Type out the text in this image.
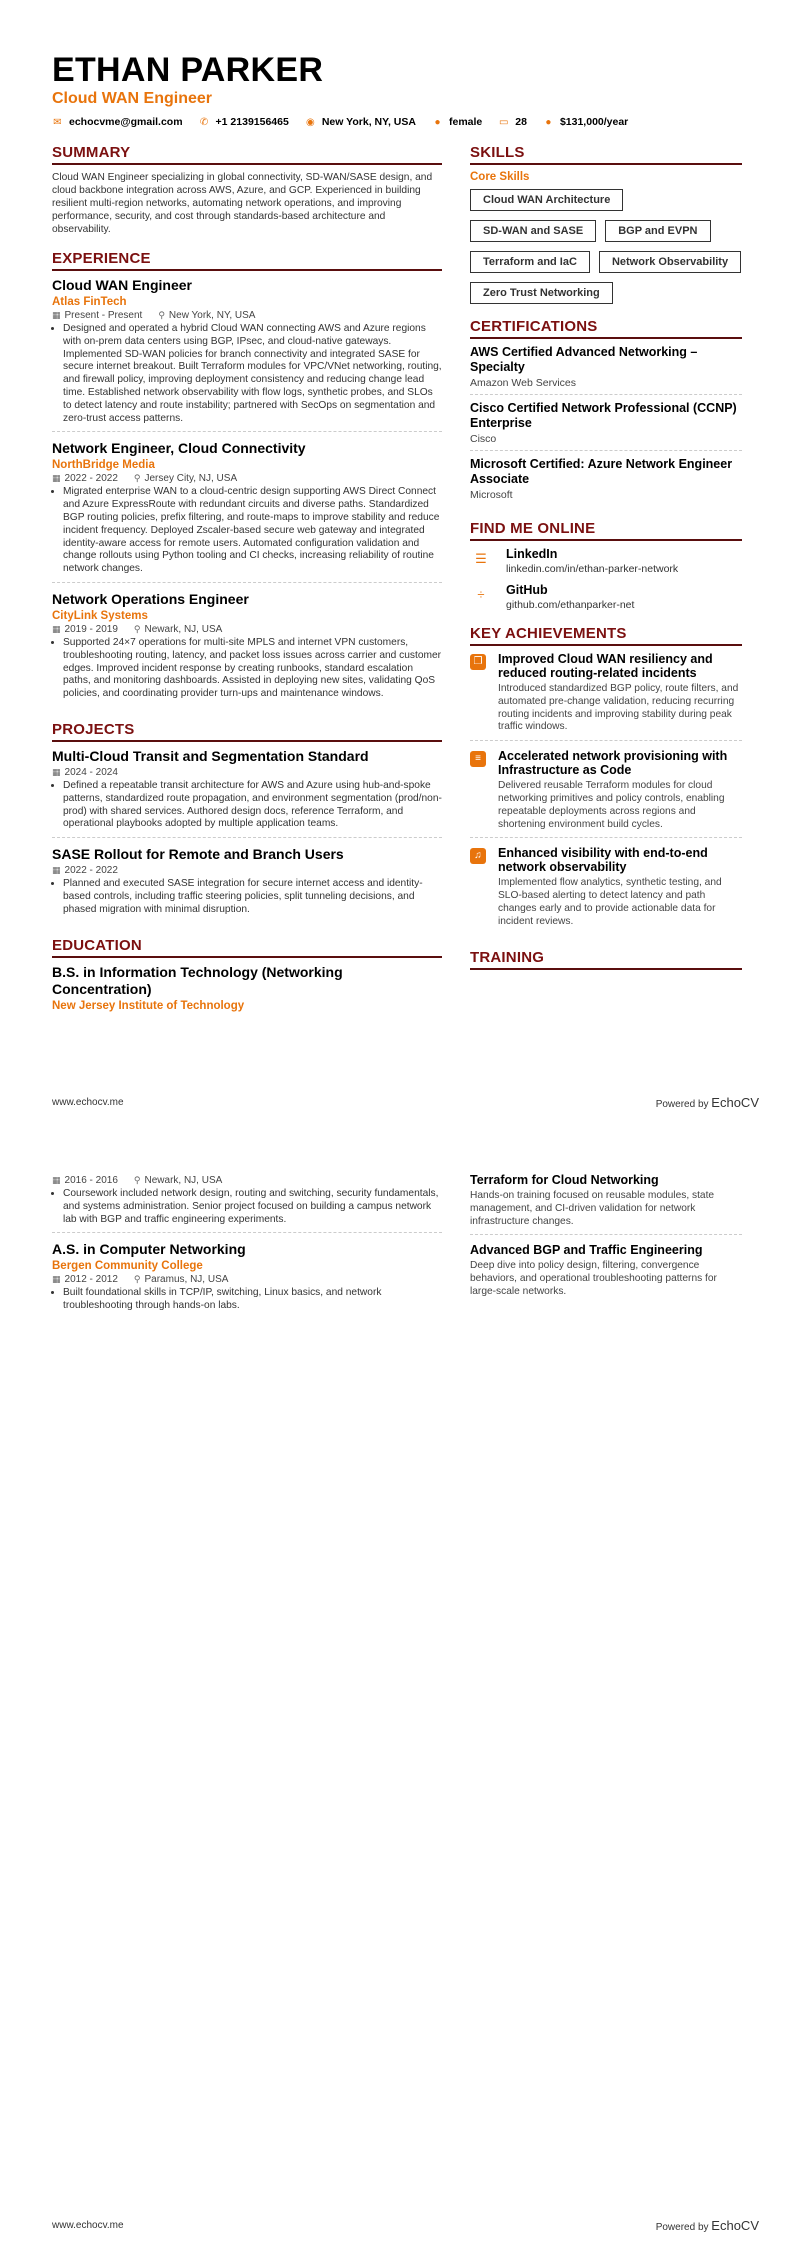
ETHAN PARKER
Cloud WAN Engineer
✉ echocvme@gmail.com ✆ +1 2139156465 ◉ New York, NY, USA ● female ▭ 28 ● $131,000/year
SUMMARY
Cloud WAN Engineer specializing in global connectivity, SD-WAN/SASE design, and cloud backbone integration across AWS, Azure, and GCP. Experienced in building resilient multi-region networks, automating network operations, and improving performance, security, and cost through standards-based architecture and observability.
EXPERIENCE
Cloud WAN Engineer
Atlas FinTech
▦ Present - Present ⚲ New York, NY, USA
• Designed and operated a hybrid Cloud WAN connecting AWS and Azure regions with on-prem data centers using BGP, IPsec, and cloud-native gateways. Implemented SD-WAN policies for branch connectivity and integrated SASE for secure internet breakout. Built Terraform modules for VPC/VNet networking, routing, and firewall policy, improving deployment consistency and reducing change lead time. Established network observability with flow logs, synthetic probes, and SLOs to detect latency and route instability; partnered with SecOps on segmentation and zero-trust access patterns.
Network Engineer, Cloud Connectivity
NorthBridge Media
▦ 2022 - 2022 ⚲ Jersey City, NJ, USA
• Migrated enterprise WAN to a cloud-centric design supporting AWS Direct Connect and Azure ExpressRoute with redundant circuits and diverse paths. Standardized BGP routing policies, prefix filtering, and route-maps to improve stability and reduce incident frequency. Deployed Zscaler-based secure web gateway and integrated identity-aware access for remote users. Automated configuration validation and change rollouts using Python tooling and CI checks, increasing reliability of routine network changes.
Network Operations Engineer
CityLink Systems
▦ 2019 - 2019 ⚲ Newark, NJ, USA
• Supported 24×7 operations for multi-site MPLS and internet VPN customers, troubleshooting routing, latency, and packet loss issues across carrier and customer edges. Improved incident response by creating runbooks, standard escalation paths, and monitoring dashboards. Assisted in deploying new sites, validating QoS policies, and coordinating provider turn-ups and maintenance windows.
PROJECTS
Multi-Cloud Transit and Segmentation Standard
▦ 2024 - 2024
• Defined a repeatable transit architecture for AWS and Azure using hub-and-spoke patterns, standardized route propagation, and environment segmentation (prod/non-prod) with shared services. Authored design docs, reference Terraform, and operational playbooks adopted by multiple application teams.
SASE Rollout for Remote and Branch Users
▦ 2022 - 2022
• Planned and executed SASE integration for secure internet access and identity-based controls, including traffic steering policies, split tunneling decisions, and phased migration with minimal disruption.
EDUCATION
B.S. in Information Technology (Networking Concentration)
New Jersey Institute of Technology
SKILLS
Core Skills
Cloud WAN Architecture
SD-WAN and SASE	BGP and EVPN
Terraform and IaC	Network Observability
Zero Trust Networking
CERTIFICATIONS
AWS Certified Advanced Networking – Specialty
Amazon Web Services
Cisco Certified Network Professional (CCNP) Enterprise
Cisco
Microsoft Certified: Azure Network Engineer Associate
Microsoft
FIND ME ONLINE
☰	LinkedIn
linkedin.com/in/ethan-parker-network
÷	GitHub
github.com/ethanparker-net
KEY ACHIEVEMENTS
❐ Improved Cloud WAN resiliency and reduced routing-related incidents
Introduced standardized BGP policy, route filters, and automated pre-change validation, reducing recurring routing incidents and improving stability during peak traffic windows.
≡	Accelerated network provisioning with Infrastructure as Code
Delivered reusable Terraform modules for cloud networking primitives and policy controls, enabling repeatable deployments across regions and shortening environment build cycles.
♫	Enhanced visibility with end-to-end network observability
Implemented flow analytics, synthetic testing, and SLO-based alerting to detect latency and path changes early and to provide actionable data for incident reviews.
TRAINING
www.echocv.me	Powered by EchoCV
▦ 2016 - 2016 ⚲ Newark, NJ, USA
• Coursework included network design, routing and switching, security fundamentals, and systems administration. Senior project focused on building a campus network lab with BGP and traffic engineering experiments.
A.S. in Computer Networking
Bergen Community College
▦ 2012 - 2012 ⚲ Paramus, NJ, USA
• Built foundational skills in TCP/IP, switching, Linux basics, and network troubleshooting through hands-on labs.
Terraform for Cloud Networking
Hands-on training focused on reusable modules, state management, and CI-driven validation for network infrastructure changes.
Advanced BGP and Traffic Engineering
Deep dive into policy design, filtering, convergence behaviors, and operational troubleshooting patterns for large-scale networks.
www.echocv.me	Powered by EchoCV
